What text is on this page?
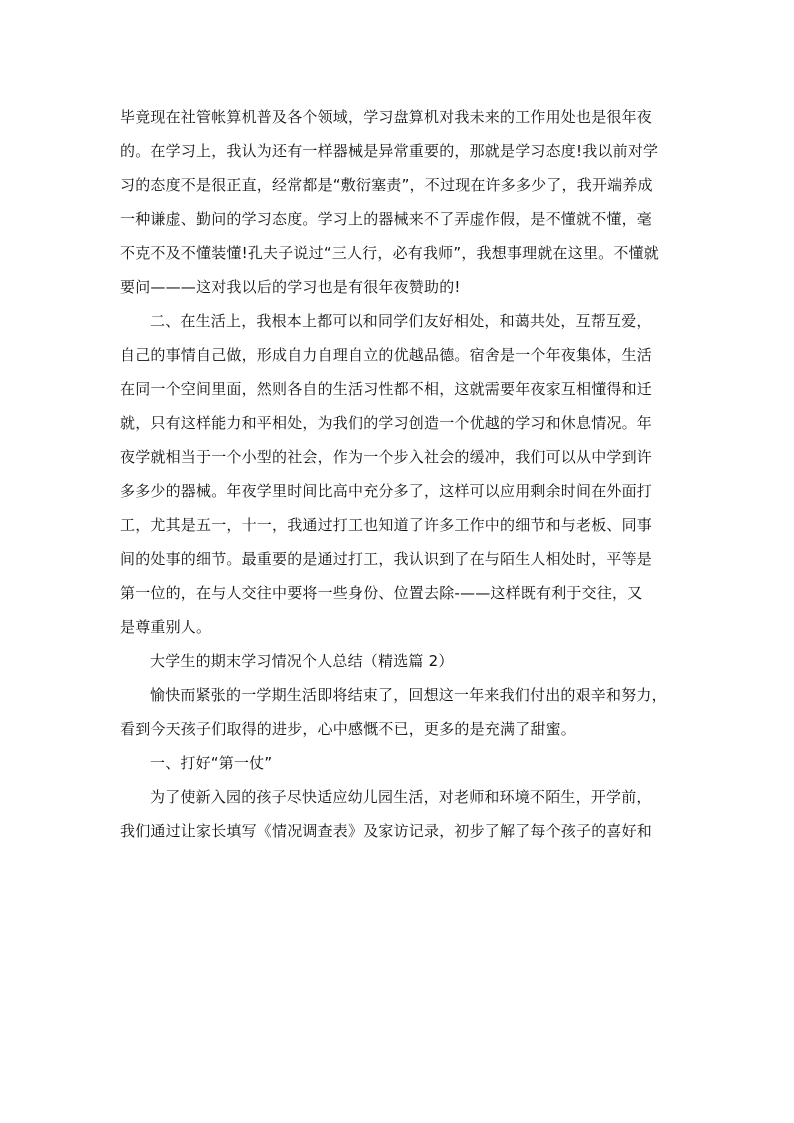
毕竟现在社管帐算机普及各个领域，学习盘算机对我未来的工作用处也是很年夜
的。在学习上，我认为还有一样器械是异常重要的，那就是学习态度!我以前对学
习的态度不是很正直，经常都是“敷衍塞责”，不过现在许多多少了，我开端养成
一种谦虚、勤问的学习态度。学习上的器械来不了弄虚作假，是不懂就不懂，毫
不克不及不懂装懂!孔夫子说过“三人行，必有我师”，我想事理就在这里。不懂就
要问———这对我以后的学习也是有很年夜赞助的!
二、在生活上，我根本上都可以和同学们友好相处，和蔼共处，互帮互爱，
自己的事情自己做，形成自力自理自立的优越品德。宿舍是一个年夜集体，生活
在同一个空间里面，然则各自的生活习性都不相，这就需要年夜家互相懂得和迁
就，只有这样能力和平相处，为我们的学习创造一个优越的学习和休息情况。年
夜学就相当于一个小型的社会，作为一个步入社会的缓冲，我们可以从中学到许
多多少的器械。年夜学里时间比高中充分多了，这样可以应用剩余时间在外面打
工，尤其是五一，十一，我通过打工也知道了许多工作中的细节和与老板、同事
间的处事的细节。最重要的是通过打工，我认识到了在与陌生人相处时，平等是
第一位的，在与人交往中要将一些身份、位置去除-——这样既有利于交往，又
是尊重别人。
大学生的期末学习情况个人总结（精选篇 2）
愉快而紧张的一学期生活即将结束了，回想这一年来我们付出的艰辛和努力，
看到今天孩子们取得的进步，心中感慨不已，更多的是充满了甜蜜。
一、打好“第一仗”
为了使新入园的孩子尽快适应幼儿园生活，对老师和环境不陌生，开学前，
我们通过让家长填写《情况调查表》及家访记录，初步了解了每个孩子的喜好和
